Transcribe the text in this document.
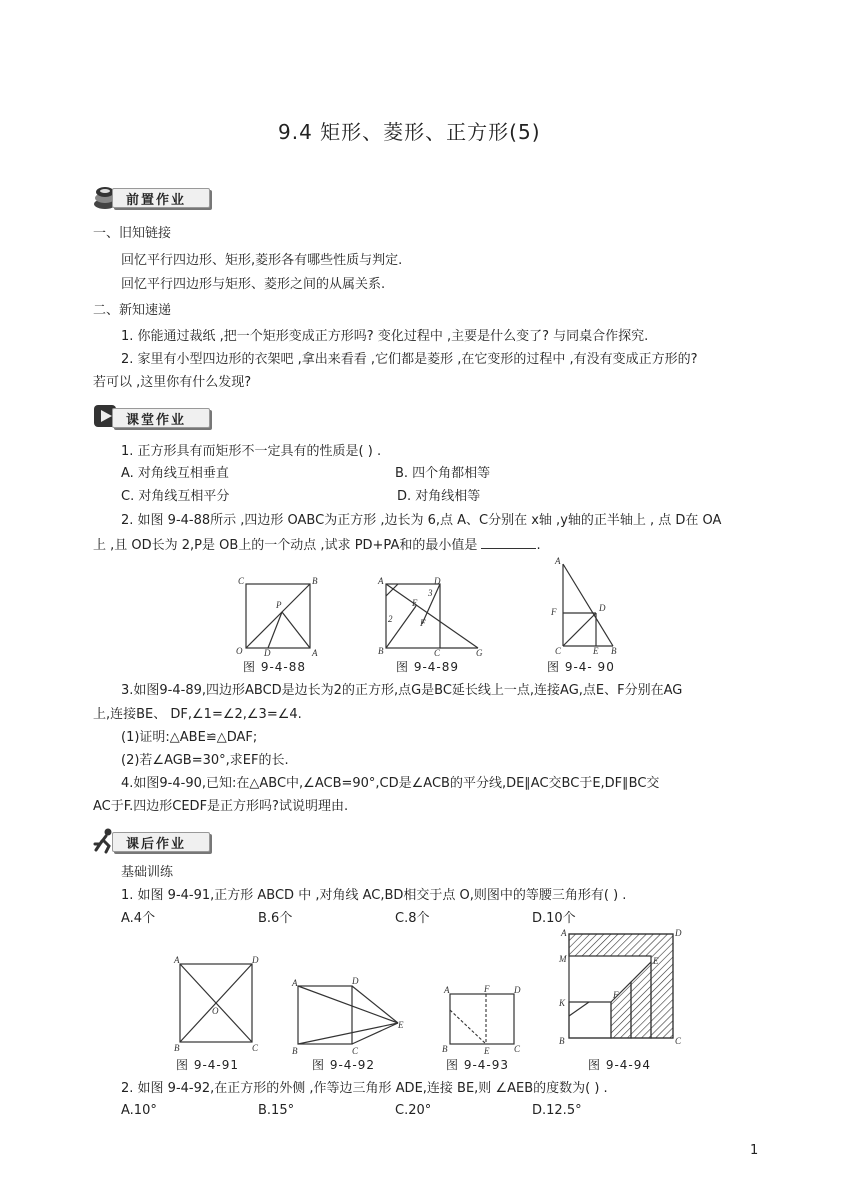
9.4 矩形、菱形、正方形(5)
前置作业
一、旧知链接
回忆平行四边形、矩形,菱形各有哪些性质与判定.
回忆平行四边形与矩形、菱形之间的从属关系.
二、新知速递
1. 你能通过裁纸 ,把一个矩形变成正方形吗? 变化过程中 ,主要是什么变了? 与同桌合作探究.
2. 家里有小型四边形的衣架吧 ,拿出来看看 ,它们都是菱形 ,在它变形的过程中 ,有没有变成正方形的?
若可以 ,这里你有什么发现?
课堂作业
1. 正方形具有而矩形不一定具有的性质是( ) .
A. 对角线互相垂直	B. 四个角都相等
C. 对角线互相平分	D. 对角线相等
2. 如图 9-4-88所示 ,四边形 OABC为正方形 ,边长为 6,点 A、C分别在 x轴 ,y轴的正半轴上 , 点 D在 OA
上 ,且 OD长为 2,P是 OB上的一个动点 ,试求 PD+PA和的最小值是	.
C	B
O D	A
P
图 9-4-88
A	D
B	C	G
E
F
2
3
图 9-4-89
A
F	D
C	E B
图 9-4- 90
3.如图9-4-89,四边形ABCD是边长为2的正方形,点G是BC延长线上一点,连接AG,点E、F分别在AG
上,连接BE、 DF,∠1=∠2,∠3=∠4.
(1)证明:△ABE≌△DAF;
(2)若∠AGB=30°,求EF的长.
4.如图9-4-90,已知:在△ABC中,∠ACB=90°,CD是∠ACB的平分线,DE∥AC交BC于E,DF∥BC交
AC于F.四边形CEDF是正方形吗?试说明理由.
课后作业
基础训练
1. 如图 9-4-91,正方形 ABCD 中 ,对角线 AC,BD相交于点 O,则图中的等腰三角形有( ) .
A.4个	B.6个	C.8个	D.10个
A	D
B	C
O
图 9-4-91
A	D
B	C
E
图 9-4-92
A	F	D
B	E	C
图 9-4-93
A	D
M	E
K
F
B	C
图 9-4-94
2. 如图 9-4-92,在正方形的外侧 ,作等边三角形 ADE,连接 BE,则 ∠AEB的度数为( ) .
A.10°	B.15°	C.20°	D.12.5°
1
